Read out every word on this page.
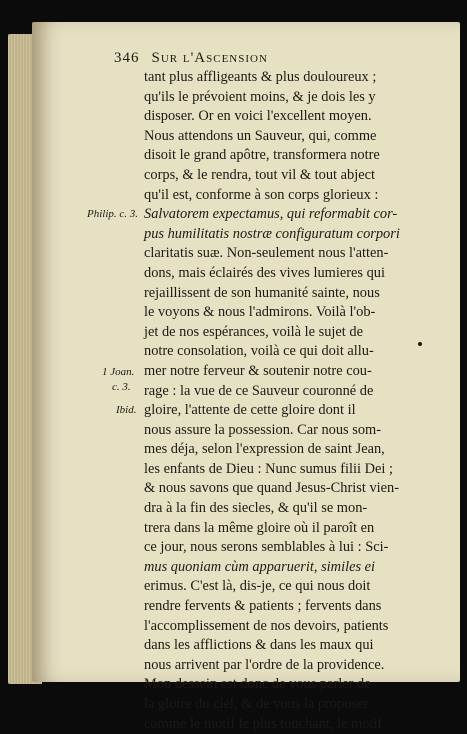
346 Sur l'Ascension
tant plus affligeants & plus douloureux ;
qu'ils le prévoient moins, & je dois les y
disposer. Or en voici l'excellent moyen.
Nous attendons un Sauveur, qui, comme
disoit le grand apôtre, transformera notre
corps, & le rendra, tout vil & tout abject
qu'il est, conforme à son corps glorieux :
Salvatorem expectamus, qui reformabit cor-
pus humilitatis nostræ configuratum corpori
claritatis suæ. Non-seulement nous l'atten-
dons, mais éclairés des vives lumieres qui
rejaillissent de son humanité sainte, nous
le voyons & nous l'admirons. Voilà l'ob-
jet de nos espérances, voilà le sujet de
notre consolation, voilà ce qui doit allu-
mer notre ferveur & soutenir notre cou-
rage : la vue de ce Sauveur couronné de
gloire, l'attente de cette gloire dont il
nous assure la possession. Car nous som-
mes déja, selon l'expression de saint Jean,
les enfants de Dieu : Nunc sumus filii Dei ;
& nous savons que quand Jesus-Christ vien-
dra à la fin des siecles, & qu'il se mon-
trera dans la même gloire où il paroît en
ce jour, nous serons semblables à lui : Sci-
mus quoniam cùm apparuerit, similes ei
erimus. C'est là, dis-je, ce qui nous doit
rendre fervents & patients ; fervents dans
l'accomplissement de nos devoirs, patients
dans les afflictions & dans les maux qui
nous arrivent par l'ordre de la providence.
Mon dessein est donc de vous parler de
la gloire du ciel, & de vous la proposer
comme le motif le plus touchant, le motif
Philip. c. 3.
1 Joan.
c. 3.
Ibid.
